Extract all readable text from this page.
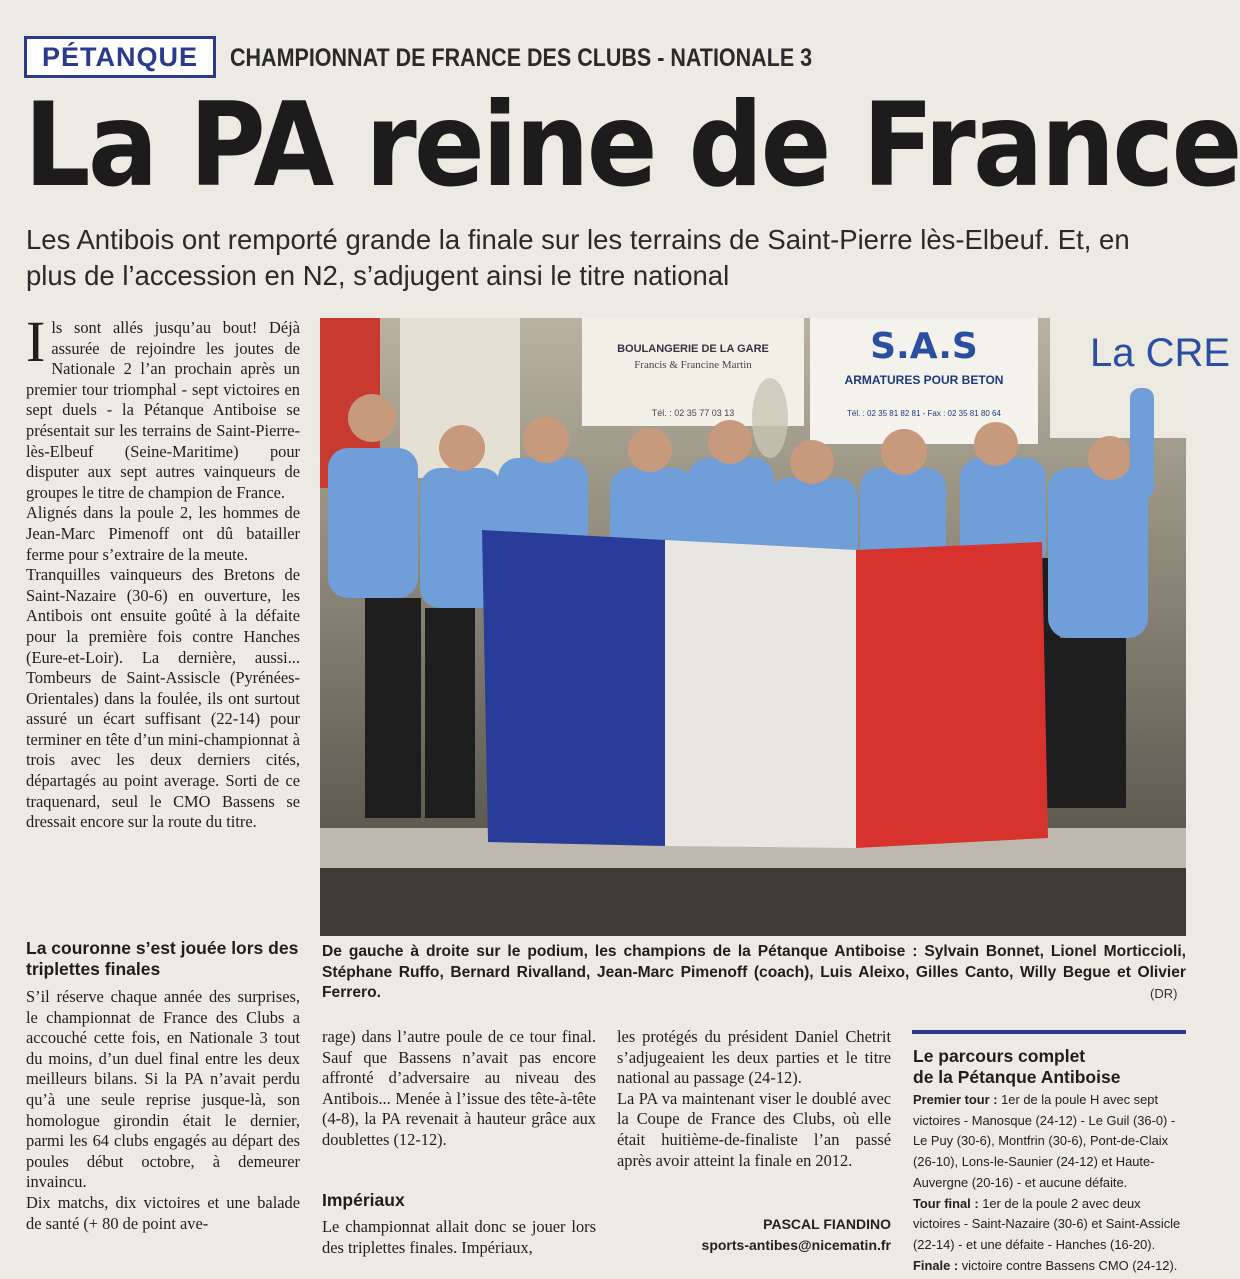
PÉTANQUE CHAMPIONNAT DE FRANCE DES CLUBS - NATIONALE 3
La PA reine de France
Les Antibois ont remporté grande la finale sur les terrains de Saint-Pierre lès-Elbeuf. Et, en plus de l’accession en N2, s’adjugent ainsi le titre national

Ils sont allés jusqu’au bout! Déjà assurée de rejoindre les joutes de Nationale 2 l’an prochain après un premier tour triomphal - sept victoires en sept duels - la Pétanque Antiboise se présentait sur les terrains de Saint-Pierre-lès-Elbeuf (Seine-Maritime) pour disputer aux sept autres vainqueurs de groupes le titre de champion de France.

Alignés dans la poule 2, les hommes de Jean-Marc Pimenoff ont dû batailler ferme pour s’extraire de la meute.

Tranquilles vainqueurs des Bretons de Saint-Nazaire (30-6) en ouverture, les Antibois ont ensuite goûté à la défaite pour la première fois contre Hanches (Eure-et-Loir). La dernière, aussi... Tombeurs de Saint-Assiscle (Pyrénées-Orientales) dans la foulée, ils ont surtout assuré un écart suffisant (22-14) pour terminer en tête d’un mini-championnat à trois avec les deux derniers cités, départagés au point average. Sorti de ce traquenard, seul le CMO Bassens se dressait encore sur la route du titre.

La couronne s’est jouée lors des triplettes finales

S’il réserve chaque année des surprises, le championnat de France des Clubs a accouché cette fois, en Nationale 3 tout du moins, d’un duel final entre les deux meilleurs bilans. Si la PA n’avait perdu qu’à une seule reprise jusque-là, son homologue girondin était le dernier, parmi les 64 clubs engagés au départ des poules début octobre, à demeurer invaincu.

Dix matchs, dix victoires et une balade de santé (+ 80 de point ave-

BOULANGERIE DE LA GARE
Francis & Francine Martin
Tél. : 02 35 77 03 13
S.A.S
ARMATURES POUR BETON
Tél. : 02 35 81 82 81 - Fax : 02 35 81 80 64
La CRE
De gauche à droite sur le podium, les champions de la Pétanque Antiboise : Sylvain Bonnet, Lionel Morticcioli, Stéphane Ruffo, Bernard Rivalland, Jean-Marc Pimenoff (coach), Luis Aleixo, Gilles Canto, Willy Begue et Olivier Ferrero.	(DR)

rage) dans l’autre poule de ce tour final. Sauf que Bassens n’avait pas encore affronté d’adversaire au niveau des Antibois... Menée à l’issue des tête-à-tête (4-8), la PA revenait à hauteur grâce aux doublettes (12-12).

Impériaux

Le championnat allait donc se jouer lors des triplettes finales. Impériaux,

les protégés du président Daniel Chetrit s’adjugeaient les deux parties et le titre national au passage (24-12).

La PA va maintenant viser le doublé avec la Coupe de France des Clubs, où elle était huitième-de-finaliste l’an passé après avoir atteint la finale en 2012.

PASCAL FIANDINO
sports-antibes@nicematin.fr
Le parcours complet
de la Pétanque Antiboise
Premier tour : 1er de la poule H avec sept victoires - Manosque (24-12) - Le Guil (36-0) - Le Puy (30-6), Montfrin (30-6), Pont-de-Claix (26-10), Lons-le-Saunier (24-12) et Haute-Auvergne (20-16) - et aucune défaite.
Tour final : 1er de la poule 2 avec deux victoires - Saint-Nazaire (30-6) et Saint-Assicle (22-14) - et une défaite - Hanches (16-20).
Finale : victoire contre Bassens CMO (24-12).
